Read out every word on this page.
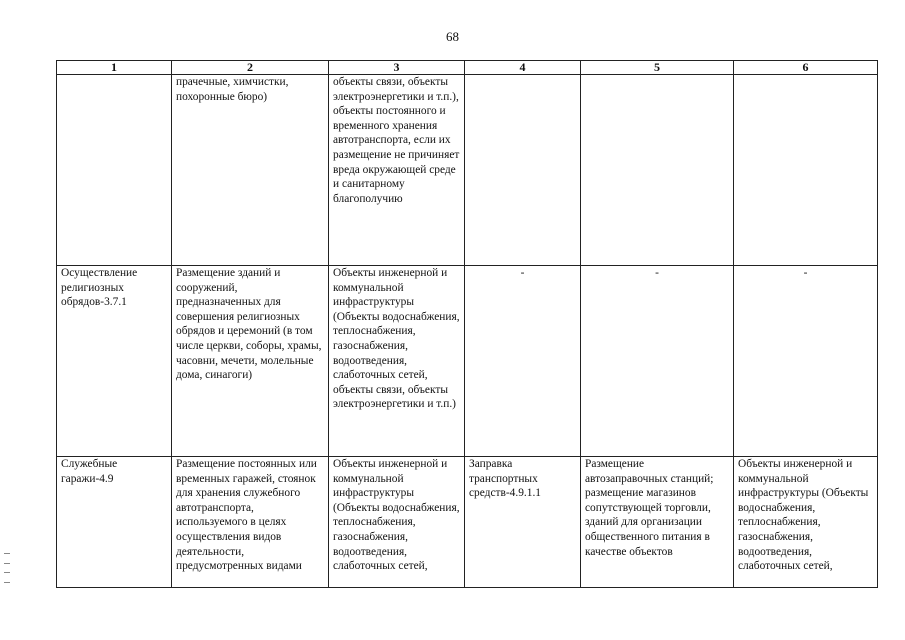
68
1	2	3	4	5	6
	прачечные, химчистки, похоронные бюро)	объекты связи, объекты электроэнергетики и т.п.), объекты постоянного и временного хранения автотранспорта, если их размещение не причиняет вреда окружающей среде и санитарному благополучию			
Осуществление религиозных обрядов-3.7.1	Размещение зданий и сооружений, предназначенных для совершения религиозных обрядов и церемоний (в том числе церкви, соборы, храмы, часовни, мечети, молельные дома, синагоги)	Объекты инженерной и коммунальной инфраструктуры (Объекты водоснабжения, теплоснабжения, газоснабжения, водоотведения, слаботочных сетей, объекты связи, объекты электроэнергетики и т.п.)	-	-	-
Служебные гаражи-4.9	Размещение постоянных или временных гаражей, стоянок для хранения служебного автотранспорта, используемого в целях осуществления видов деятельности, предусмотренных видами	Объекты инженерной и коммунальной инфраструктуры (Объекты водоснабжения, теплоснабжения, газоснабжения, водоотведения, слаботочных сетей,	Заправка транспортных средств-4.9.1.1	Размещение автозаправочных станций; размещение магазинов сопутствующей торговли, зданий для организации общественного питания в качестве объектов	Объекты инженерной и коммунальной инфраструктуры (Объекты водоснабжения, теплоснабжения, газоснабжения, водоотведения, слаботочных сетей,
